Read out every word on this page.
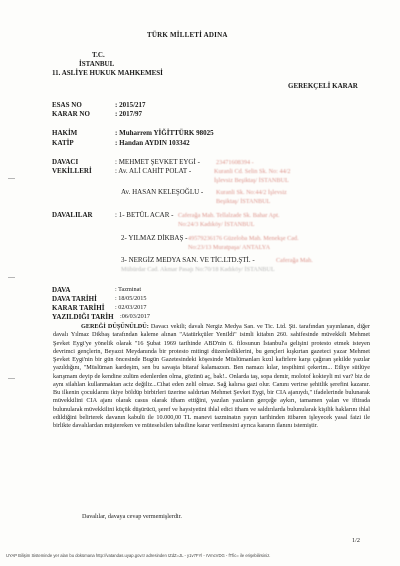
TÜRK MİLLETİ ADINA
T.C.
İSTANBUL
11. ASLİYE HUKUK MAHKEMESİ
GEREKÇELİ KARAR
ESAS NO	: 2015/217
KARAR NO	: 2017/97
HAKİM	: Muharrem YİĞİTTÜRK 98025
KATİP	: Handan AYDIN 103342
DAVACI	: MEHMET ŞEVKET EYGİ -	23471608394 -
VEKİLLERİ	: Av. ALİ CAHİT POLAT -	Kuranli Cd. Selin Sk. No: 44/2
İşlevsiz Beşiktaş/ İSTANBUL
Av. HASAN KELEŞOĞLU - Kuranli Sk. No:44/2 İşlevsiz
Beşiktaş/ İSTANBUL
DAVALILAR	: 1- BETÜL ACAR - Caferağa Mah. Tellalzade Sk. Bahar Apt.
No:24/3 Kadıköy/ İSTANBUL
2- YILMAZ DİKBAŞ - 49579236176 Güzeloba Mah. Menekşe Cad.
No:23/13 Muratpaşa/ ANTALYA
3- NERGİZ MEDYA SAN. VE TİC.LTD.ŞTİ. -	Caferağa Mah.
Mühürdar Cad. Akmar Pasajı No:70/18 Kadıköy/ İSTANBUL
DAVA	: Tazminat
DAVA TARİHİ	: 18/05/2015
KARAR TARİHİ : 02/03/2017
YAZILDIĞI TARİH :06/03/2017
GEREĞİ DÜŞÜNÜLDÜ: Davacı vekili; davalı Nergiz Medya San. ve Tic. Ltd. Şti. tarafından yayınlanan, diğer davalı Yılmaz Dikbaş tarafından kaleme alınan "Atatürkçüler Yeniİdi" isimli kitabın 260. sahifesinde müvekkili Mehmet Şevket Eygi'ye yönelik olarak "16 Şubat 1969 tarihinde ABD'nin 6. filosunun İstanbul'a gelişini protesto etmek isteyen devrimci gençlerin, Beyazıt Meydanında bir protesto mitingi düzenlediklerini, bu gençleri kışkırtan gazeteci yazar Mehmet Şevket Eygi'nin bir gün öncesinde Bugün Gazetesindeki köşesinde Müslümanları kızıl kafirlere karşı çağıran şekilde yazılar yazıldığını, "Müslüman kardeşim, sen bu savaşta bitaraf kalamazsın. Ben namazı kılar, tespihimi çekerim... Etliye sütlüye karışmam deyip de kendine zulüm edenlerden olma, gözünü aç, bak!.. Onlarda taş, sopa demir, molotof kokteyli mi var? biz de aynı silahları kullanmaktan aciz değiliz...Cihat eden zelil olmaz. Sağ kalırsa gazi olur. Canını verirse şehitlik şerefini kazanır. Bu ilkenin çocuklarını ikiye böldüp birbirleri üzerine saldırtan Mehmet Şevket Eygi, bir CIA ajanıydı," ifadelerinde bulunarak müvekkilini CIA ajanı olarak casus olarak itham ettiğini, yazılan yazıların gerçeğe aykırı, tamamen yalan ve iftirada bulunularak müvekkilini küçük düşürücü, şeref ve haysiyetini ihlal edici itham ve saldırılarda bulunularak kişilik haklarını ihlal edildiğini belirterek davanın kabulü ile 10.000,00 TL manevi tazminatın yayın tarihinden itibaren işleyecek yasal faizi ile birlikte davalılardan müştereken ve müteselsilen tahsiline karar verilmesini ayrıca kararın ilanını istemiştir.
Davalılar, davaya cevap vermemişlerdir.
1/2
UYAP Bilişim Sisteminde yer alan bu dokümana http://vatandas.uyap.gov.tr adresinden IZdZ=JL - y1v7FYl - rVmcVDG - fTfic= ile erişebilirsiniz.
